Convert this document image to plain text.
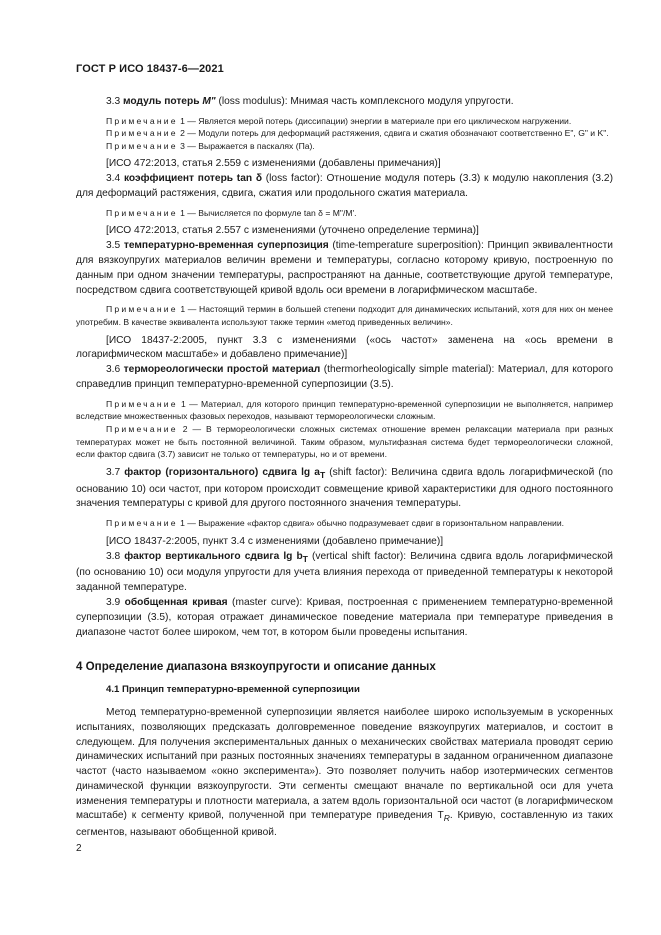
ГОСТ Р ИСО 18437-6—2021

3.3 модуль потерь M" (loss modulus): Мнимая часть комплексного модуля упругости.

Примечание 1 — Является мерой потерь (диссипации) энергии в материале при его циклическом нагружении.

Примечание 2 — Модули потерь для деформаций растяжения, сдвига и сжатия обозначают соответственно E", G" и K".

Примечание 3 — Выражается в паскалях (Па).

[ИСО 472:2013, статья 2.559 с изменениями (добавлены примечания)]

3.4 коэффициент потерь tan δ (loss factor): Отношение модуля потерь (3.3) к модулю накопления (3.2) для деформаций растяжения, сдвига, сжатия или продольного сжатия материала.

Примечание 1 — Вычисляется по формуле tan δ = M"/M'.

[ИСО 472:2013, статья 2.557 с изменениями (уточнено определение термина)]

3.5 температурно-временная суперпозиция (time-temperature superposition): Принцип эквивалентности для вязкоупругих материалов величин времени и температуры, согласно которому кривую, построенную по данным при одном значении температуры, распространяют на данные, соответствующие другой температуре, посредством сдвига соответствующей кривой вдоль оси времени в логарифмическом масштабе.

Примечание 1 — Настоящий термин в большей степени подходит для динамических испытаний, хотя для них он менее употребим. В качестве эквивалента используют также термин «метод приведенных величин».

[ИСО 18437-2:2005, пункт 3.3 с изменениями («ось частот» заменена на «ось времени в логарифмическом масштабе» и добавлено примечание)]

3.6 термореологически простой материал (thermorheologically simple material): Материал, для которого справедлив принцип температурно-временной суперпозиции (3.5).

Примечание 1 — Материал, для которого принцип температурно-временной суперпозиции не выполняется, например вследствие множественных фазовых переходов, называют термореологически сложным.

Примечание 2 — В термореологически сложных системах отношение времен релаксации материала при разных температурах может не быть постоянной величиной. Таким образом, мультифазная система будет термореологически сложной, если фактор сдвига (3.7) зависит не только от температуры, но и от времени.

3.7 фактор (горизонтального) сдвига $\lg a_T$ (shift factor): Величина сдвига вдоль логарифмической (по основанию 10) оси частот, при котором происходит совмещение кривой характеристики для одного постоянного значения температуры с кривой для другого постоянного значения температуры.

Примечание 1 — Выражение «фактор сдвига» обычно подразумевает сдвиг в горизонтальном направлении.

[ИСО 18437-2:2005, пункт 3.4 с изменениями (добавлено примечание)]

3.8 фактор вертикального сдвига $\lg b_T$ (vertical shift factor): Величина сдвига вдоль логарифмической (по основанию 10) оси модуля упругости для учета влияния перехода от приведенной температуры к некоторой заданной температуре.

3.9 обобщенная кривая (master curve): Кривая, построенная с применением температурно-временной суперпозиции (3.5), которая отражает динамическое поведение материала при температуре приведения в диапазоне частот более широком, чем тот, в котором были проведены испытания.

4 Определение диапазона вязкоупругости и описание данных
4.1 Принцип температурно-временной суперпозиции

Метод температурно-временной суперпозиции является наиболее широко используемым в ускоренных испытаниях, позволяющих предсказать долговременное поведение вязкоупругих материалов, и состоит в следующем. Для получения экспериментальных данных о механических свойствах материала проводят серию динамических испытаний при разных постоянных значениях температуры в заданном ограниченном диапазоне частот (часто называемом «окно эксперимента»). Это позволяет получить набор изотермических сегментов динамической функции вязкоупругости. Эти сегменты смещают вначале по вертикальной оси для учета изменения температуры и плотности материала, а затем вдоль горизонтальной оси частот (в логарифмическом масштабе) к сегменту кривой, полученной при температуре приведения $T_R$. Кривую, составленную из таких сегментов, называют обобщенной кривой.

2
